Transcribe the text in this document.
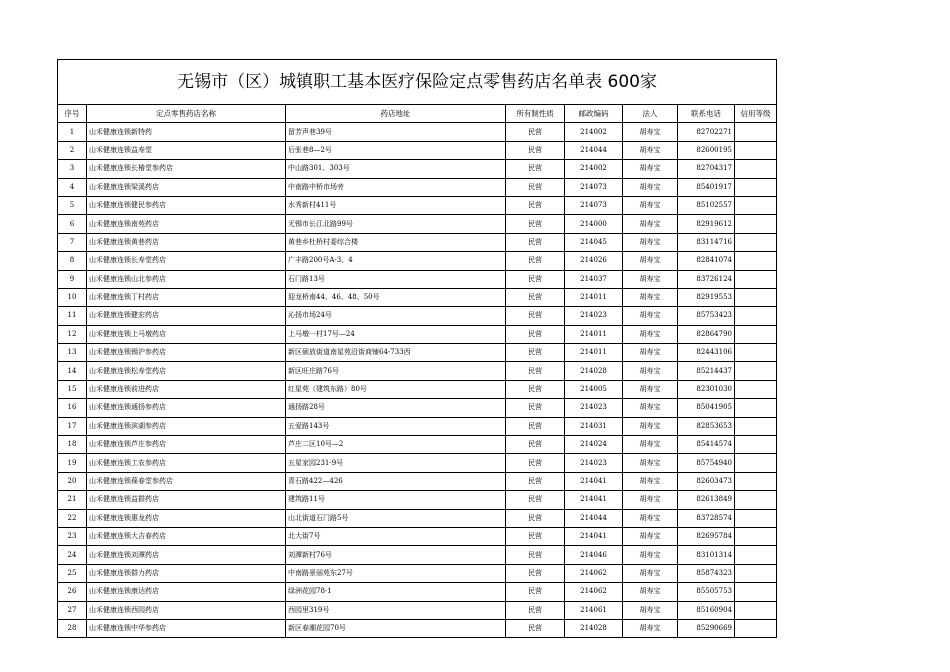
无锡市（区）城镇职工基本医疗保险定点零售药店名单表 600家							
序号	定点零售药店名称	药店地址	所有制性质	邮政编码	法人	联系电话	信用等级
1	山禾健康连锁新特药	留芳声巷39号	民营	214002	胡寿宝	82702271	
2	山禾健康连锁益寿堂	后张巷8—2号	民营	214044	胡寿宝	82600195	
3	山禾健康连锁长椿堂参药店	中山路301、303号	民营	214002	胡寿宝	82704317	
4	山禾健康连锁梁溪药店	中南路中桥市场旁	民营	214073	胡寿宝	85401917	
5	山禾健康连锁健民参药店	水秀新村411号	民营	214073	胡寿宝	85102557	
6	山禾健康连锁南苑药店	无锡市长江北路99号	民营	214000	胡寿宝	82919612	
7	山禾健康连锁黄巷药店	黄巷乡杜桥村委综合楼	民营	214045	胡寿宝	83114716	
8	山禾健康连锁长寿堂药店	广丰路200号A-3、4	民营	214026	胡寿宝	82841074	
9	山禾健康连锁山北参药店	石门路13号	民营	214037	胡寿宝	83726124	
10	山禾健康连锁丁村药店	迎龙桥南44、46、48、50号	民营	214011	胡寿宝	82919553	
11	山禾健康连锁健宏药店	沁扬市场24号	民营	214023	胡寿宝	85753423	
12	山禾健康连锁上马墩药店	上马墩一村17号—24	民营	214011	胡寿宝	82864790	
13	山禾健康连锁锡沪参药店	新区硕放街道南星苑沿街商铺64-733西	民营	214011	胡寿宝	82443106	
14	山禾健康连锁松寿堂药店	新区旺庄路76号	民营	214028	胡寿宝	85214437	
15	山禾健康连锁前进药店	红星苑（建筑东路）80号	民营	214005	胡寿宝	82301030	
16	山禾健康连锁通扬参药店	通扬路28号	民营	214023	胡寿宝	85041905	
17	山禾健康连锁滨湖参药店	五爱路143号	民营	214031	胡寿宝	82853653	
18	山禾健康连锁芦庄参药店	芦庄二区10号—2	民营	214024	胡寿宝	85414574	
19	山禾健康连锁工农参药店	五星家园231-9号	民营	214023	胡寿宝	85754940	
20	山禾健康连锁葆春堂参药店	青石路422—426	民营	214041	胡寿宝	82603473	
21	山禾健康连锁益群药店	建筑路11号	民营	214041	胡寿宝	82613849	
22	山禾健康连锁惠龙药店	山北街道石门路5号	民营	214044	胡寿宝	83728574	
23	山禾健康连锁大吉春药店	北大街7号	民营	214041	胡寿宝	82695784	
24	山禾健康连锁刘潭药店	刘潭新村76号	民营	214046	胡寿宝	83101314	
25	山禾健康连锁群力药店	中南路景丽苑东27号	民营	214062	胡寿宝	85874323	
26	山禾健康连锁康达药店	绿洲花园78-1	民营	214062	胡寿宝	85505753	
27	山禾健康连锁西园药店	西园里319号	民营	214061	胡寿宝	85160904	
28	山禾健康连锁中华参药店	新区春潮花园70号	民营	214028	胡寿宝	85290669	
